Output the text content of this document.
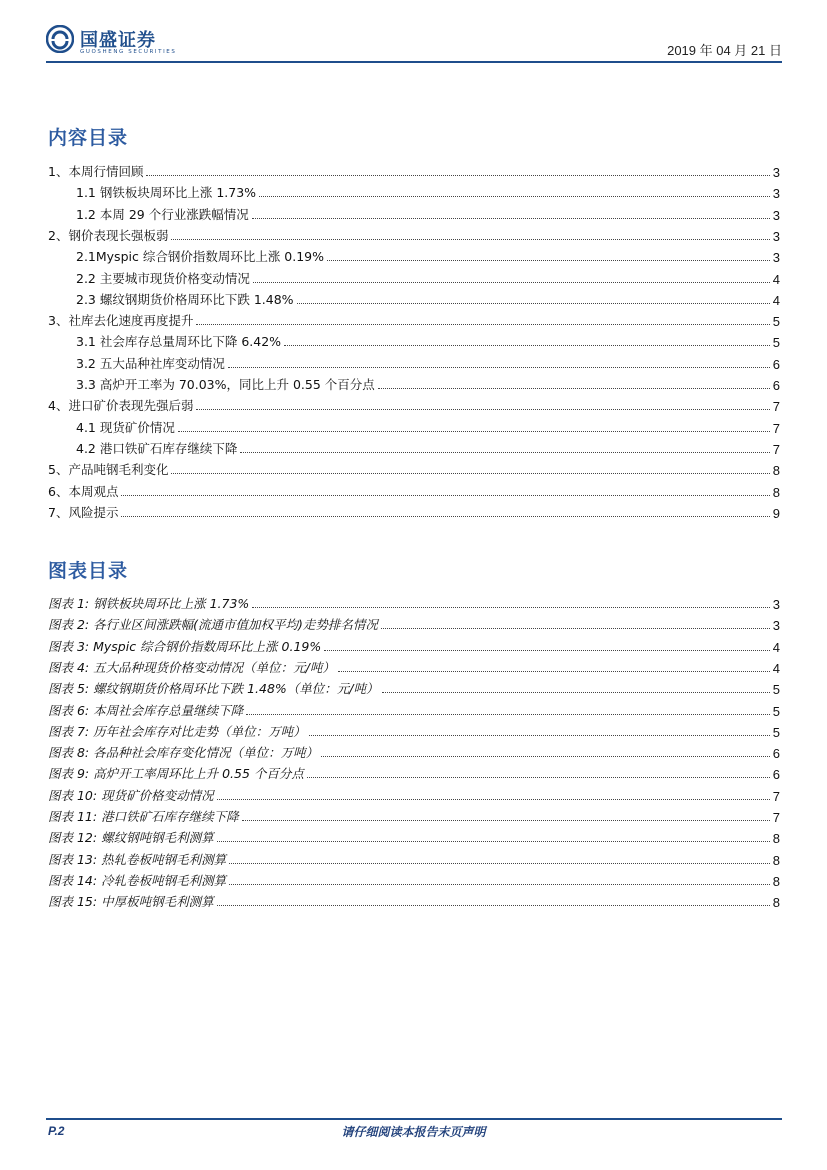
国盛证券
GUOSHENG SECURITIES	2019 年 04 月 21 日
内容目录
1、本周行情回顾	3
1.1 钢铁板块周环比上涨 1.73%	3
1.2 本周 29 个行业涨跌幅情况	3
2、钢价表现长强板弱	3
2.1Myspic 综合钢价指数周环比上涨 0.19%	3
2.2 主要城市现货价格变动情况	4
2.3 螺纹钢期货价格周环比下跌 1.48%	4
3、社库去化速度再度提升	5
3.1 社会库存总量周环比下降 6.42%	5
3.2 五大品种社库变动情况	6
3.3 高炉开工率为 70.03%，同比上升 0.55 个百分点	6
4、进口矿价表现先强后弱	7
4.1 现货矿价情况	7
4.2 港口铁矿石库存继续下降	7
5、产品吨钢毛利变化	8
6、本周观点	8
7、风险提示	9
图表目录
图表 1: 钢铁板块周环比上涨 1.73%	3
图表 2: 各行业区间涨跌幅(流通市值加权平均)走势排名情况	3
图表 3: Myspic 综合钢价指数周环比上涨 0.19%	4
图表 4: 五大品种现货价格变动情况（单位：元/吨）	4
图表 5: 螺纹钢期货价格周环比下跌 1.48%（单位：元/吨）	5
图表 6: 本周社会库存总量继续下降	5
图表 7: 历年社会库存对比走势（单位：万吨）	5
图表 8: 各品种社会库存变化情况（单位：万吨）	6
图表 9: 高炉开工率周环比上升 0.55 个百分点	6
图表 10: 现货矿价格变动情况	7
图表 11: 港口铁矿石库存继续下降	7
图表 12: 螺纹钢吨钢毛利测算	8
图表 13: 热轧卷板吨钢毛利测算	8
图表 14: 冷轧卷板吨钢毛利测算	8
图表 15: 中厚板吨钢毛利测算	8
P.2	请仔细阅读本报告末页声明
